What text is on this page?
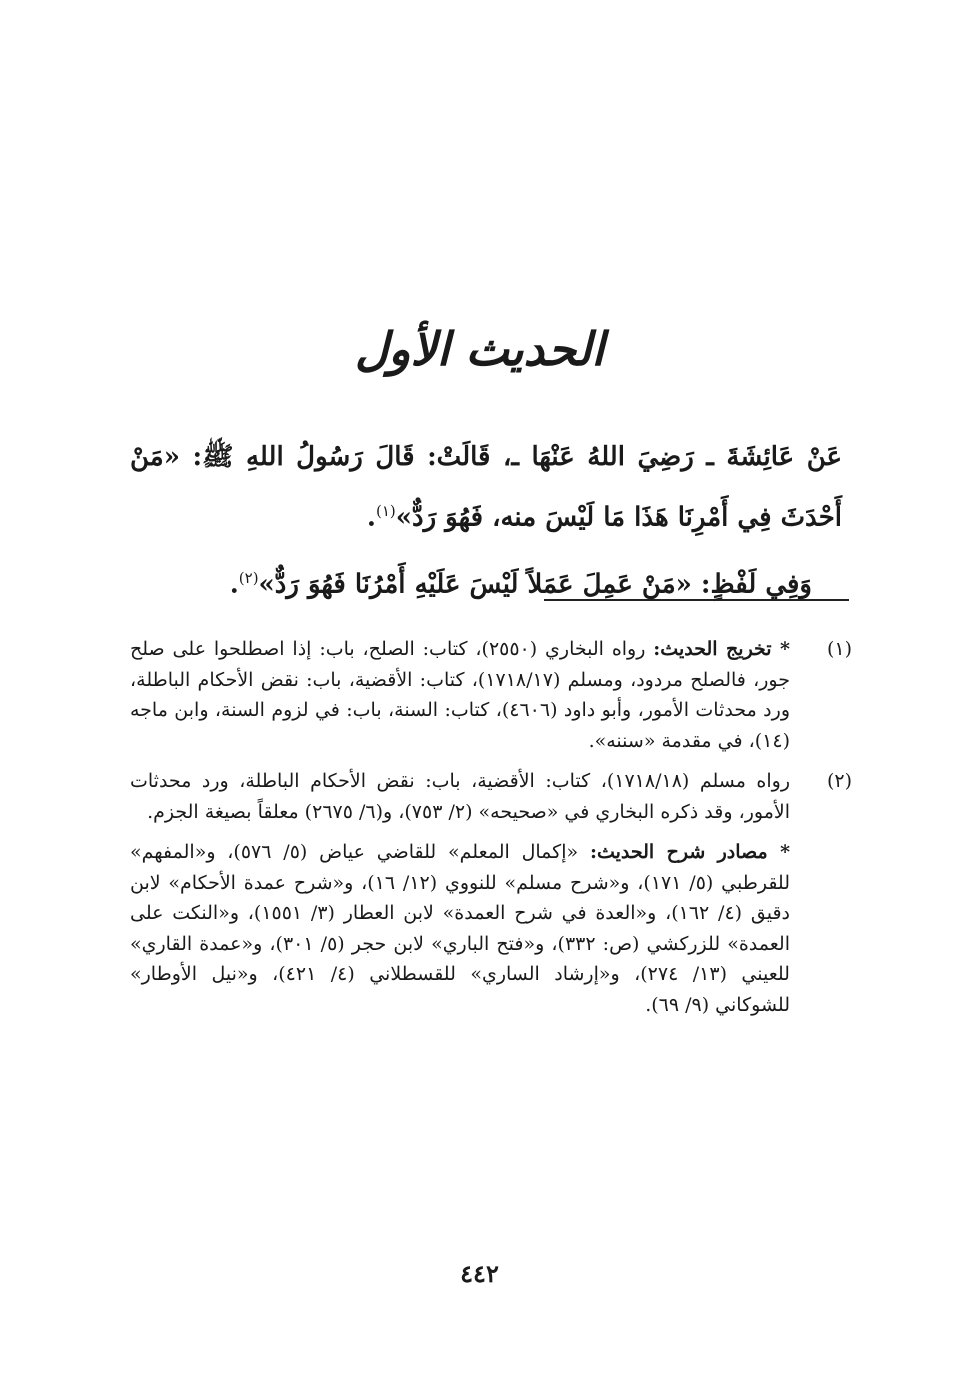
الحديث الأول

عَنْ عَائِشَةَ ـ رَضِيَ اللهُ عَنْهَا ـ، قَالَتْ: قَالَ رَسُولُ اللهِ ﷺ: «مَنْ أَحْدَثَ فِي أَمْرِنَا هَذَا مَا لَيْسَ منه، فَهُوَ رَدٌّ»$^{(١)}$.

وَفِي لَفْظٍ: «مَنْ عَمِلَ عَمَلاً لَيْسَ عَلَيْهِ أَمْرُنَا فَهُوَ رَدٌّ»$^{(٢)}$.

(١)

* تخريج الحديث: رواه البخاري (٢٥٥٠)، كتاب: الصلح، باب: إذا اصطلحوا على صلح جور، فالصلح مردود، ومسلم (١٧١٨/١٧)، كتاب: الأقضية، باب: نقض الأحكام الباطلة، ورد محدثات الأمور، وأبو داود (٤٦٠٦)، كتاب: السنة، باب: في لزوم السنة، وابن ماجه (١٤)، في مقدمة «سننه».

(٢)

رواه مسلم (١٧١٨/١٨)، كتاب: الأقضية، باب: نقض الأحكام الباطلة، ورد محدثات الأمور، وقد ذكره البخاري في «صحيحه» (٢/ ٧٥٣)، و(٦/ ٢٦٧٥) معلقاً بصيغة الجزم.

* مصادر شرح الحديث: «إكمال المعلم» للقاضي عياض (٥/ ٥٧٦)، و«المفهم» للقرطبي (٥/ ١٧١)، و«شرح مسلم» للنووي (١٢/ ١٦)، و«شرح عمدة الأحكام» لابن دقيق (٤/ ١٦٢)، و«العدة في شرح العمدة» لابن العطار (٣/ ١٥٥١)، و«النكت على العمدة» للزركشي (ص: ٣٣٢)، و«فتح الباري» لابن حجر (٥/ ٣٠١)، و«عمدة القاري» للعيني (١٣/ ٢٧٤)، و«إرشاد الساري» للقسطلاني (٤/ ٤٢١)، و«نيل الأوطار» للشوكاني (٩/ ٦٩).

٤٤٢
